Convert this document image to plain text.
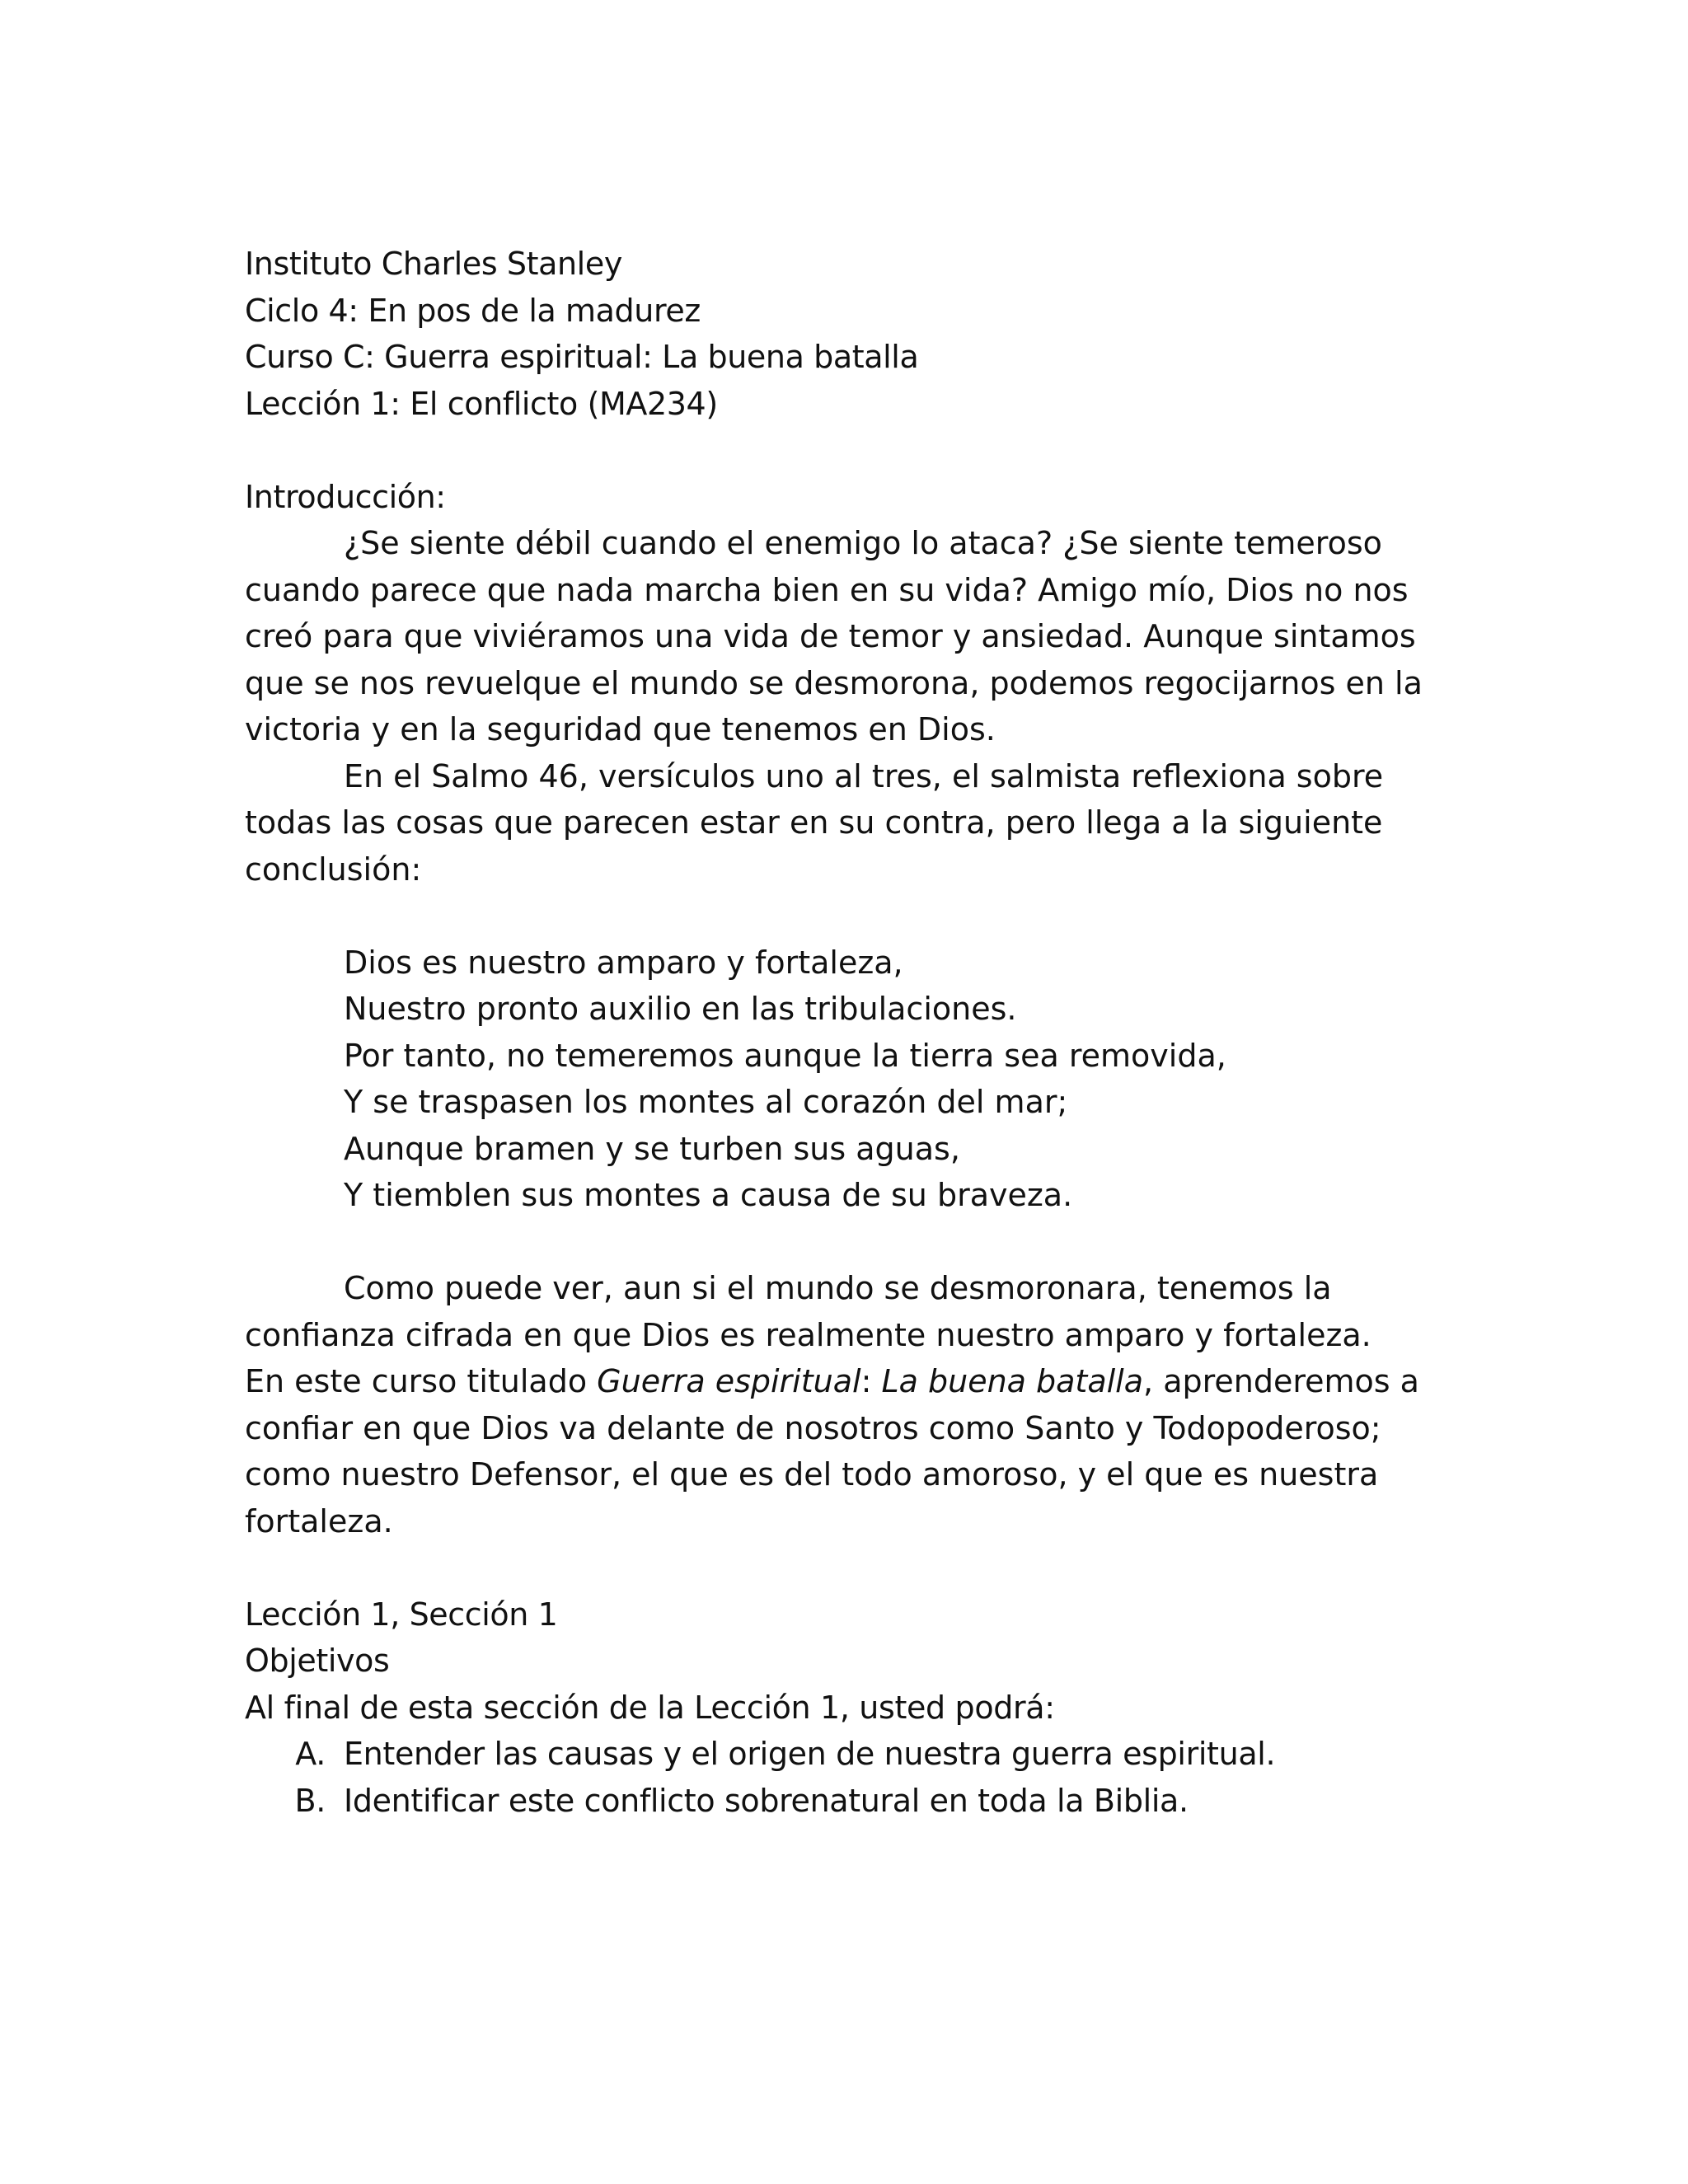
Instituto Charles Stanley
Ciclo 4: En pos de la madurez
Curso C: Guerra espiritual: La buena batalla
Lección 1: El conflicto (MA234)
Introducción:
¿Se siente débil cuando el enemigo lo ataca? ¿Se siente temeroso
cuando parece que nada marcha bien en su vida? Amigo mío, Dios no nos
creó para que viviéramos una vida de temor y ansiedad. Aunque sintamos
que se nos revuelque el mundo se desmorona, podemos regocijarnos en la
victoria y en la seguridad que tenemos en Dios.
En el Salmo 46, versículos uno al tres, el salmista reflexiona sobre
todas las cosas que parecen estar en su contra, pero llega a la siguiente
conclusión:
Dios es nuestro amparo y fortaleza,
Nuestro pronto auxilio en las tribulaciones.
Por tanto, no temeremos aunque la tierra sea removida,
Y se traspasen los montes al corazón del mar;
Aunque bramen y se turben sus aguas,
Y tiemblen sus montes a causa de su braveza.
Como puede ver, aun si el mundo se desmoronara, tenemos la
confianza cifrada en que Dios es realmente nuestro amparo y fortaleza.
En este curso titulado Guerra espiritual: La buena batalla, aprenderemos a
confiar en que Dios va delante de nosotros como Santo y Todopoderoso;
como nuestro Defensor, el que es del todo amoroso, y el que es nuestra
fortaleza.
Lección 1, Sección 1
Objetivos
Al final de esta sección de la Lección 1, usted podrá:
A. Entender las causas y el origen de nuestra guerra espiritual.
B. Identificar este conflicto sobrenatural en toda la Biblia.
